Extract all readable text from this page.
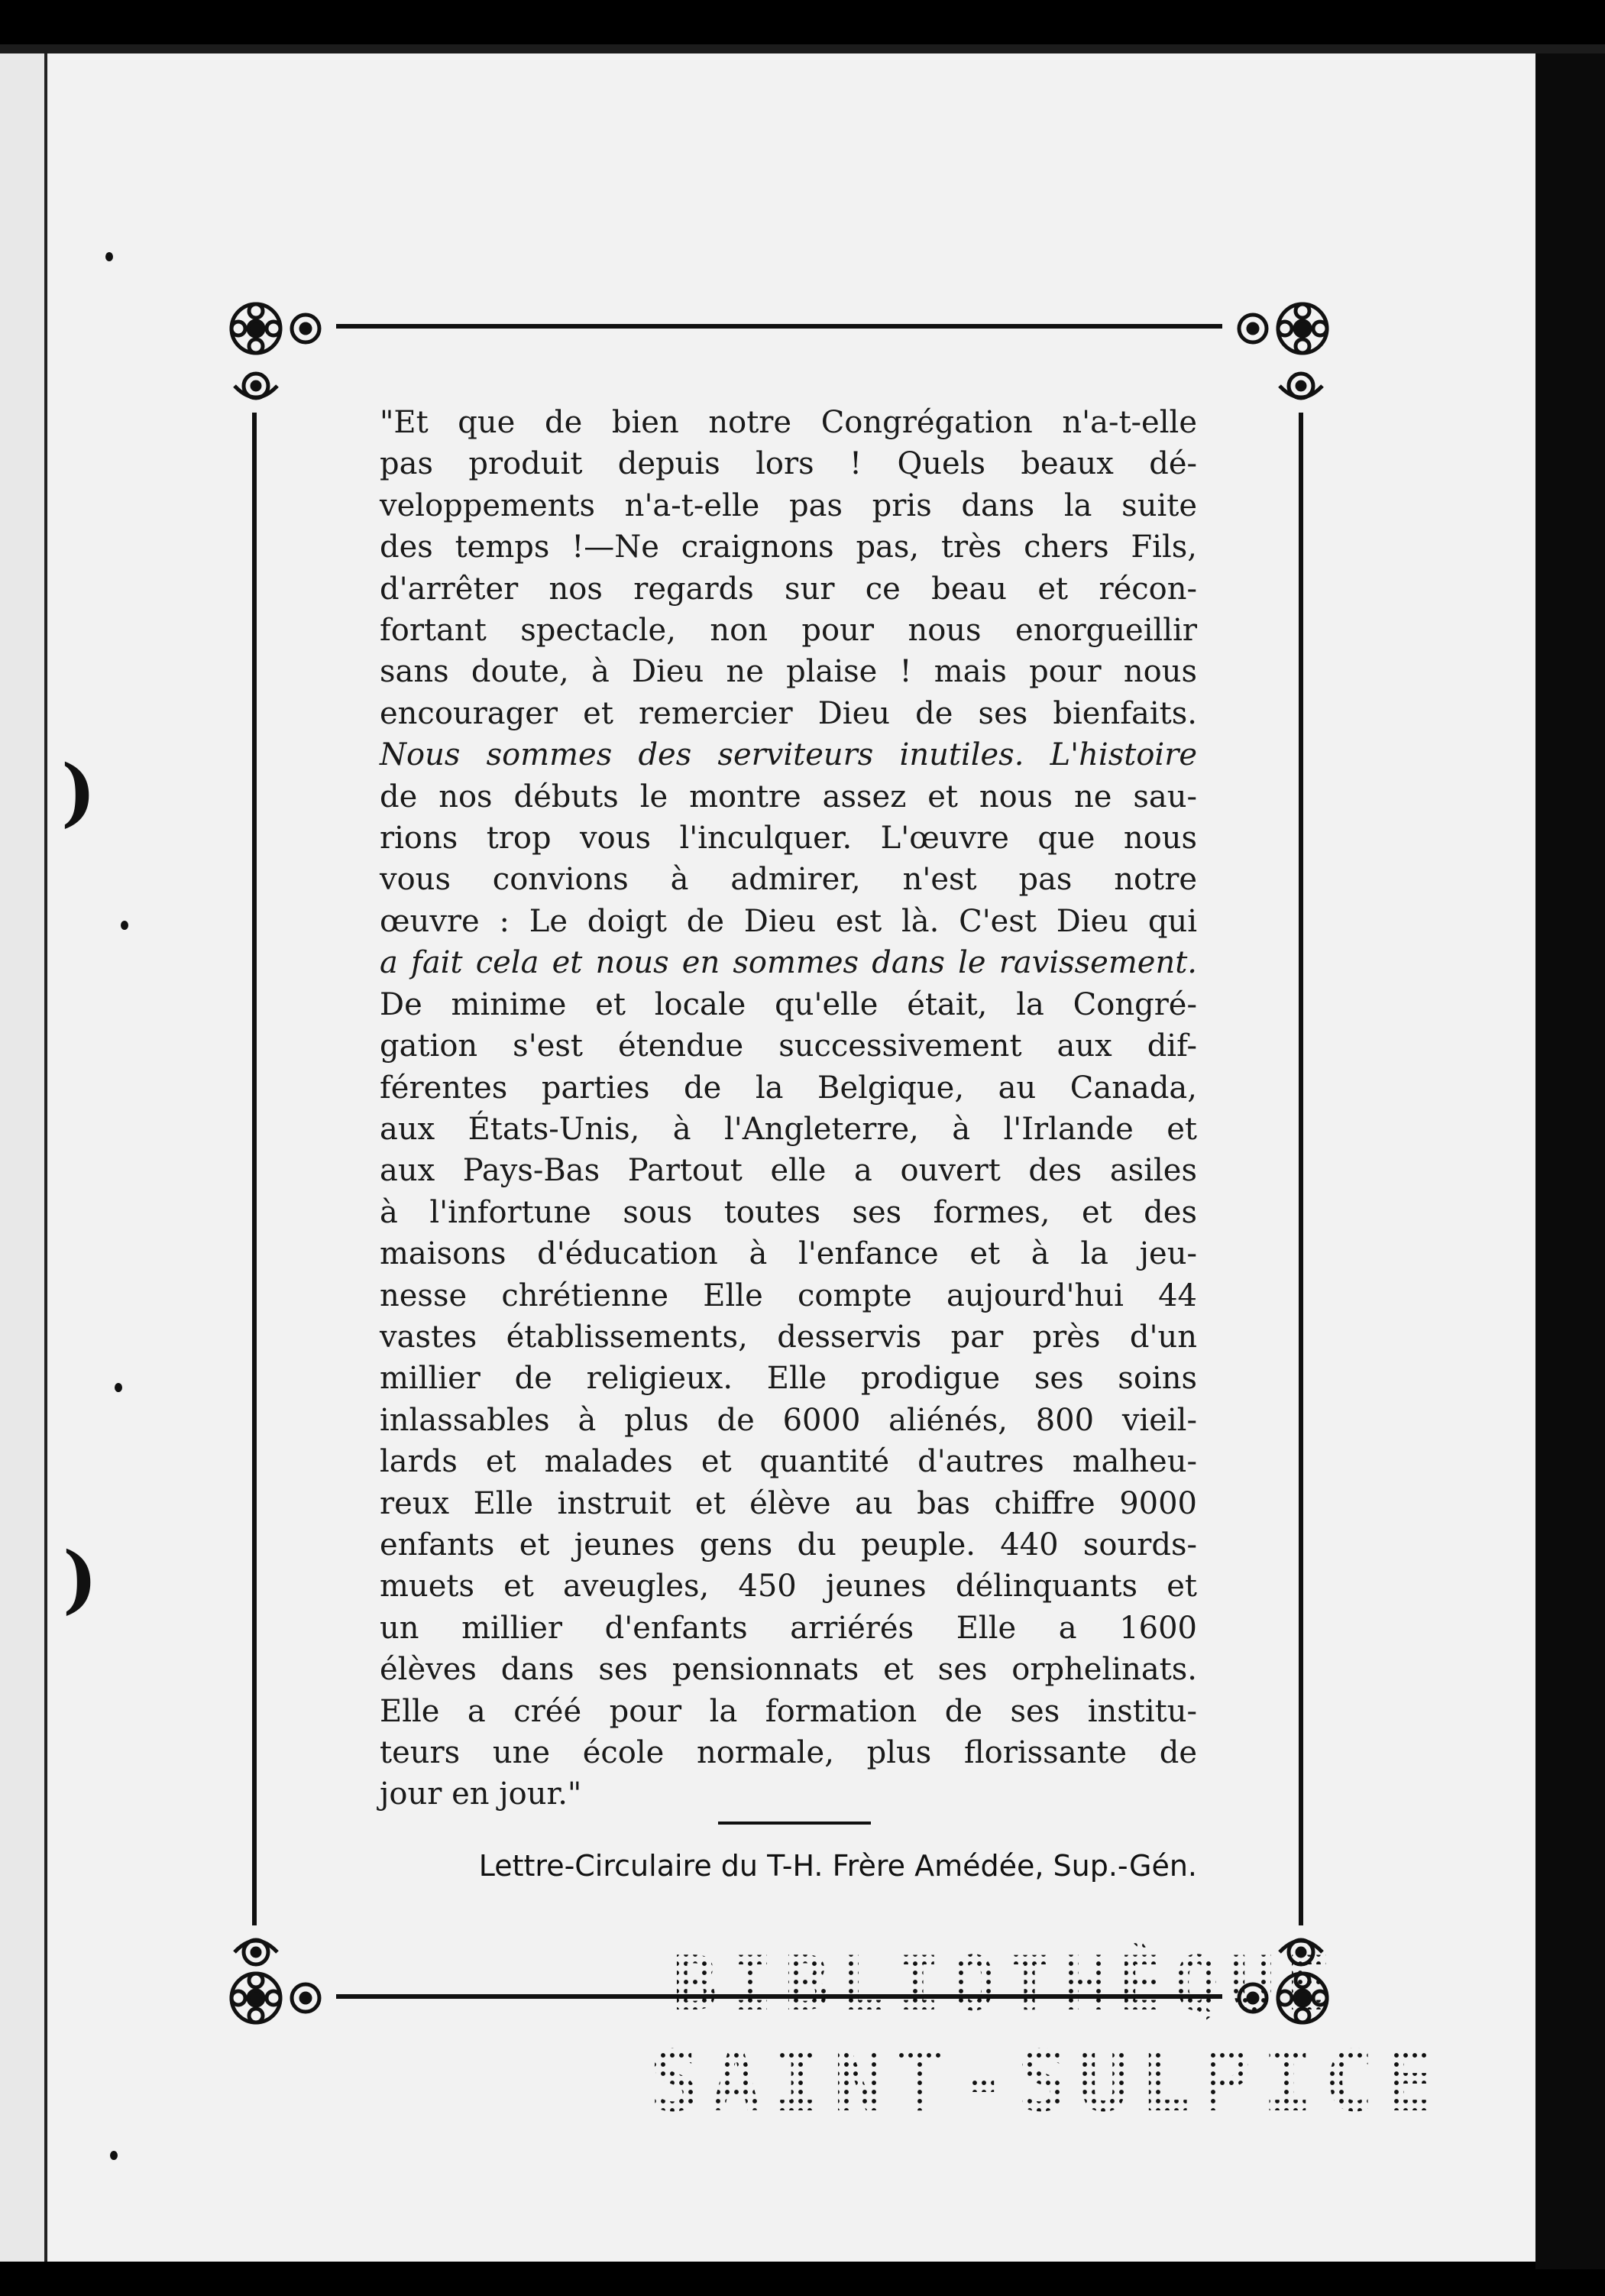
)
)
"Et que de bien notre Congrégation n'a-t-elle
pas produit depuis lors ! Quels beaux dé-
veloppements n'a-t-elle pas pris dans la suite
des temps !—Ne craignons pas, très chers Fils,
d'arrêter nos regards sur ce beau et récon-
fortant spectacle, non pour nous enorgueillir
sans doute, à Dieu ne plaise ! mais pour nous
encourager et remercier Dieu de ses bienfaits.
Nous sommes des serviteurs inutiles. L'histoire
de nos débuts le montre assez et nous ne sau-
rions trop vous l'inculquer. L'œuvre que nous
vous convions à admirer, n'est pas notre
œuvre : Le doigt de Dieu est là. C'est Dieu qui
a fait cela et nous en sommes dans le ravissement.
De minime et locale qu'elle était, la Congré-
gation s'est étendue successivement aux dif-
férentes parties de la Belgique, au Canada,
aux États-Unis, à l'Angleterre, à l'Irlande et
aux Pays-Bas Partout elle a ouvert des asiles
à l'infortune sous toutes ses formes, et des
maisons d'éducation à l'enfance et à la jeu-
nesse chrétienne Elle compte aujourd'hui 44
vastes établissements, desservis par près d'un
millier de religieux. Elle prodigue ses soins
inlassables à plus de 6000 aliénés, 800 vieil-
lards et malades et quantité d'autres malheu-
reux Elle instruit et élève au bas chiffre 9000
enfants et jeunes gens du peuple. 440 sourds-
muets et aveugles, 450 jeunes délinquants et
un millier d'enfants arriérés Elle a 1600
élèves dans ses pensionnats et ses orphelinats.
Elle a créé pour la formation de ses institu-
teurs une école normale, plus florissante de
jour en jour."
Lettre-Circulaire du T-H. Frère Amédée, Sup.-Gén.
BIBLIOTHÈQUE
SAINT-SULPICE
